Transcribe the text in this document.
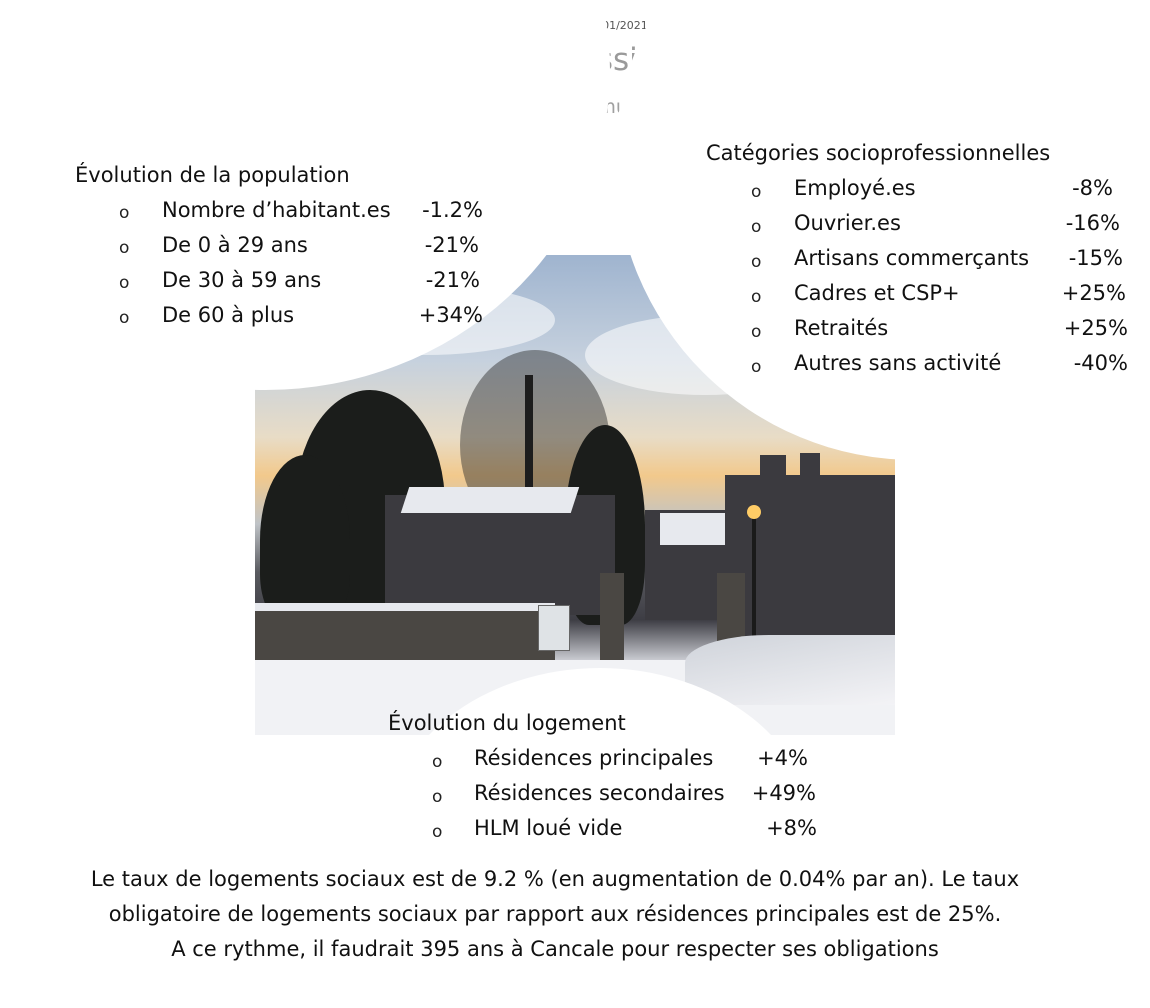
18/01/2021
Dossier
Évolution de la population
o Nombre d’habitant.es	-1.2%
o De 0 à 29 ans	-21%
o De 30 à 59 ans	-21%
o De 60 à plus	+34%
Catégories socioprofessionnelles
o Employé.es	-8%
o Ouvrier.es	-16%
o Artisans commerçants	-15%
o Cadres et CSP+	+25%
o Retraités	+25%
o Autres sans activité	-40%
Évolution du logement
o Résidences principales	+4%
o Résidences secondaires	+49%
o HLM loué vide	+8%
Le taux de logements sociaux est de 9.2 % (en augmentation de 0.04% par an). Le taux
obligatoire de logements sociaux par rapport aux résidences principales est de 25%.
A ce rythme, il faudrait 395 ans à Cancale pour respecter ses obligations
